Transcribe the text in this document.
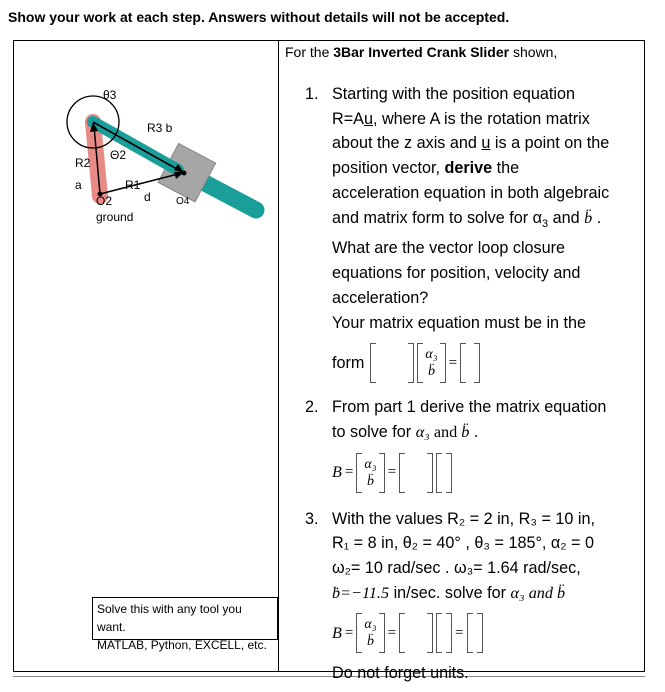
Show your work at each step. Answers without details will not be accepted.
For the 3Bar Inverted Crank Slider shown,
θ3
R3 b
R2
Θ2
a	R1
O2	d	O4
ground
Solve this with any tool you want.
MATLAB, Python, EXCELL, etc.
1. Starting with the position equation
R=Au, where A is the rotation matrix
about the z axis and u is a point on the
position vector, derive the
acceleration equation in both algebraic
and matrix form to solve for $\alpha_3$ and b̈ .
What are the vector loop closure
equations for position, velocity and
acceleration?
Your matrix equation must be in the
form	α₃
b̈
=
2. From part 1 derive the matrix equation
to solve for α₃ and b̈ .
B =
α₃
b̈
=
3. With the values R₂ = 2 in, R₃ = 10 in,
R₁ = 8 in, θ₂ = 40° , θ₃ = 185°, α₂ = 0
ω₂= 10 rad/sec . ω₃= 1.64 rad/sec,
ḃ=−11.5 in/sec. solve for α₃ and b̈
B =
α₃
b̈
=	=
Do not forget units.
